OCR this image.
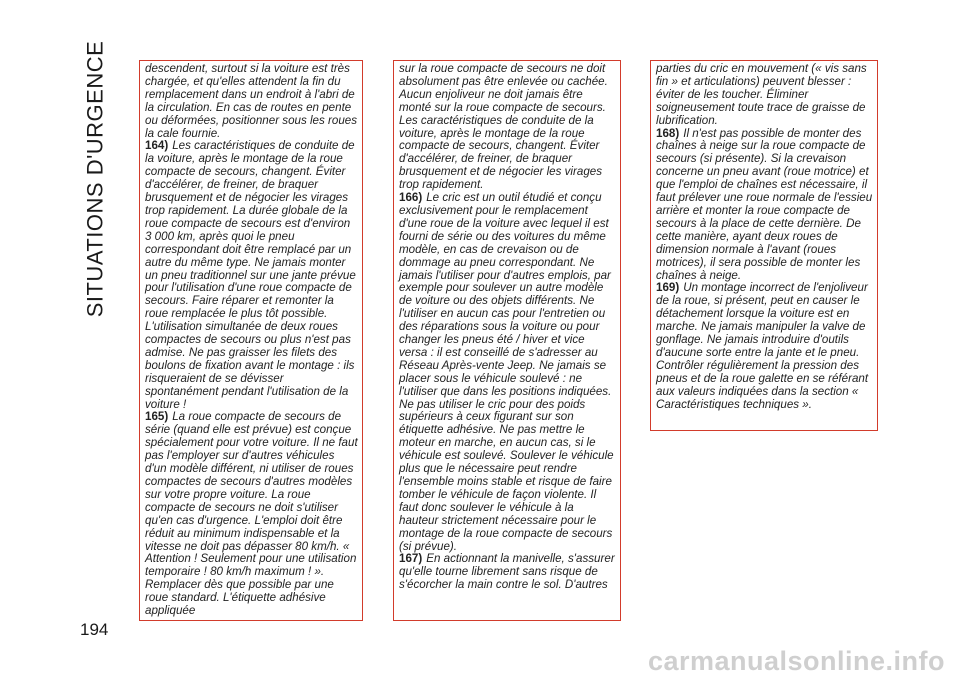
SITUATIONS D'URGENCE	descendent, surtout si la voiture est très chargée, et qu'elles attendent la fin du remplacement dans un endroit à l'abri de la circulation. En cas de routes en pente ou déformées, positionner sous les roues la cale fournie.

164) Les caractéristiques de conduite de la voiture, après le montage de la roue compacte de secours, changent. Éviter d'accélérer, de freiner, de braquer brusquement et de négocier les virages trop rapidement. La durée globale de la roue compacte de secours est d'environ 3 000 km, après quoi le pneu correspondant doit être remplacé par un autre du même type. Ne jamais monter un pneu traditionnel sur une jante prévue pour l'utilisation d'une roue compacte de secours. Faire réparer et remonter la roue remplacée le plus tôt possible. L'utilisation simultanée de deux roues compactes de secours ou plus n'est pas admise. Ne pas graisser les filets des boulons de fixation avant le montage : ils risqueraient de se dévisser spontanément pendant l'utilisation de la voiture !

165) La roue compacte de secours de série (quand elle est prévue) est conçue spécialement pour votre voiture. Il ne faut pas l'employer sur d'autres véhicules d'un modèle différent, ni utiliser de roues compactes de secours d'autres modèles sur votre propre voiture. La roue compacte de secours ne doit s'utiliser qu'en cas d'urgence. L'emploi doit être réduit au minimum indispensable et la vitesse ne doit pas dépasser 80 km/h. « Attention ! Seulement pour une utilisation temporaire ! 80 km/h maximum ! ». Remplacer dès que possible par une roue standard. L'étiquette adhésive appliquée

sur la roue compacte de secours ne doit absolument pas être enlevée ou cachée. Aucun enjoliveur ne doit jamais être monté sur la roue compacte de secours. Les caractéristiques de conduite de la voiture, après le montage de la roue compacte de secours, changent. Éviter d'accélérer, de freiner, de braquer brusquement et de négocier les virages trop rapidement.

166) Le cric est un outil étudié et conçu exclusivement pour le remplacement d'une roue de la voiture avec lequel il est fourni de série ou des voitures du même modèle, en cas de crevaison ou de dommage au pneu correspondant. Ne jamais l'utiliser pour d'autres emplois, par exemple pour soulever un autre modèle de voiture ou des objets différents. Ne l'utiliser en aucun cas pour l'entretien ou des réparations sous la voiture ou pour changer les pneus été / hiver et vice versa : il est conseillé de s'adresser au Réseau Après-vente Jeep. Ne jamais se placer sous le véhicule soulevé : ne l'utiliser que dans les positions indiquées. Ne pas utiliser le cric pour des poids supérieurs à ceux figurant sur son étiquette adhésive. Ne pas mettre le moteur en marche, en aucun cas, si le véhicule est soulevé. Soulever le véhicule plus que le nécessaire peut rendre l'ensemble moins stable et risque de faire tomber le véhicule de façon violente. Il faut donc soulever le véhicule à la hauteur strictement nécessaire pour le montage de la roue compacte de secours (si prévue).

167) En actionnant la manivelle, s'assurer qu'elle tourne librement sans risque de s'écorcher la main contre le sol. D'autres

parties du cric en mouvement (« vis sans fin » et articulations) peuvent blesser : éviter de les toucher. Éliminer soigneusement toute trace de graisse de lubrification.

168) Il n'est pas possible de monter des chaînes à neige sur la roue compacte de secours (si présente). Si la crevaison concerne un pneu avant (roue motrice) et que l'emploi de chaînes est nécessaire, il faut prélever une roue normale de l'essieu arrière et monter la roue compacte de secours à la place de cette dernière. De cette manière, ayant deux roues de dimension normale à l'avant (roues motrices), il sera possible de monter les chaînes à neige.

169) Un montage incorrect de l'enjoliveur de la roue, si présent, peut en causer le détachement lorsque la voiture est en marche. Ne jamais manipuler la valve de gonflage. Ne jamais introduire d'outils d'aucune sorte entre la jante et le pneu. Contrôler régulièrement la pression des pneus et de la roue galette en se référant aux valeurs indiquées dans la section « Caractéristiques techniques ».

194
carmanualsonline.info
